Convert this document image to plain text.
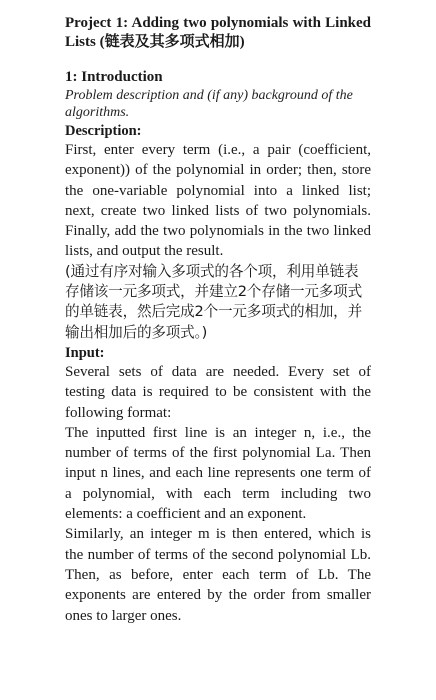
Project 1: Adding two polynomials with Linked Lists (链表及其多项式相加)

1: Introduction

Problem description and (if any) background of the algorithms.

Description:

First, enter every term (i.e., a pair (coefficient, exponent)) of the polynomial in order; then, store the one-variable polynomial into a linked list; next, create two linked lists of two polynomials. Finally, add the two polynomials in the two linked lists, and output the result.

(通过有序对输入多项式的各个项，利用单链表存储该一元多项式，并建立2个存储一元多项式的单链表，然后完成2个一元多项式的相加，并输出相加后的多项式。)

Input:

Several sets of data are needed. Every set of testing data is required to be consistent with the following format:

The inputted first line is an integer n, i.e., the number of terms of the first polynomial La. Then input n lines, and each line represents one term of a polynomial, with each term including two elements: a coefficient and an exponent.

Similarly, an integer m is then entered, which is the number of terms of the second polynomial Lb. Then, as before, enter each term of Lb. The exponents are entered by the order from smaller ones to larger ones.
